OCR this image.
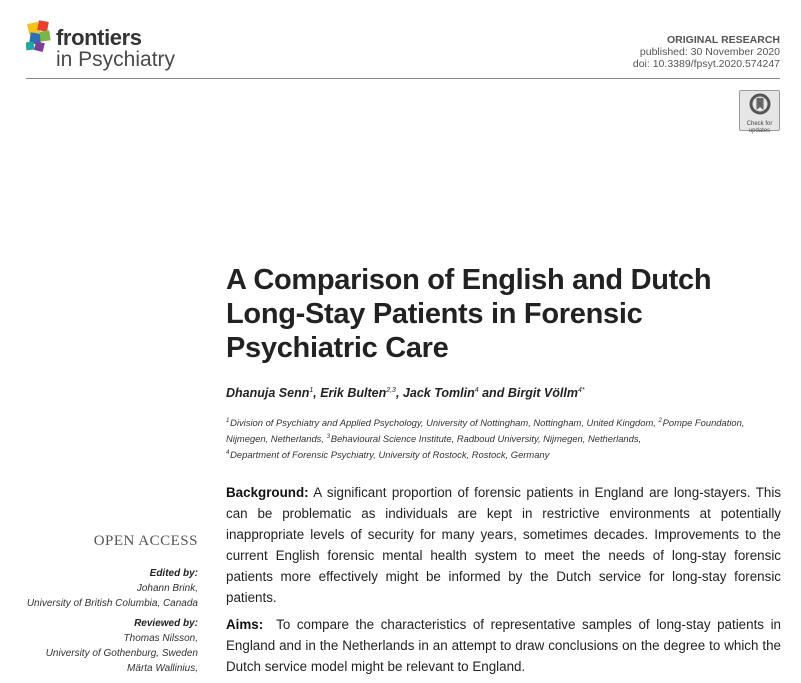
frontiers
in Psychiatry
ORIGINAL RESEARCH
published: 30 November 2020
doi: 10.3389/fpsyt.2020.574247
Check for
updates
A Comparison of English and Dutch
Long-Stay Patients in Forensic
Psychiatric Care
Dhanuja Senn$^1$, Erik Bulten$^{2,3}$, Jack Tomlin$^4$ and Birgit Völlm$^{4*}$
$^1$ Division of Psychiatry and Applied Psychology, University of Nottingham, Nottingham, United Kingdom, $^2$ Pompe Foundation, Nijmegen, Netherlands, $^3$ Behavioural Science Institute, Radboud University, Nijmegen, Netherlands,
$^4$ Department of Forensic Psychiatry, University of Rostock, Rostock, Germany

Background: A significant proportion of forensic patients in England are long-stayers. This can be problematic as individuals are kept in restrictive environments at potentially inappropriate levels of security for many years, sometimes decades. Improvements to the current English forensic mental health system to meet the needs of long-stay forensic patients more effectively might be informed by the Dutch service for long-stay forensic patients.

Aims:  To compare the characteristics of representative samples of long-stay patients in England and in the Netherlands in an attempt to draw conclusions on the degree to which the Dutch service model might be relevant to England.

OPEN ACCESS
Edited by:
Johann Brink,
University of British Columbia, Canada
Reviewed by:
Thomas Nilsson,
University of Gothenburg, Sweden
Märta Wallinius,
